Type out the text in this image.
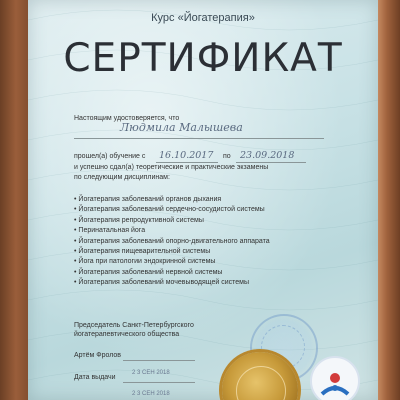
Курс «Йогатерапия»
СЕРТИФИКАТ
Настоящим удостоверяется, что
Людмила Малышева
прошел(а) обучение с 16.10.2017 по 23.09.2018
и успешно сдал(а) теоретические и практические экзамены
по следующим дисциплинам:
• Йогатерапия заболеваний органов дыхания
• Йогатерапия заболеваний сердечно-сосудистой системы
• Йогатерапия репродуктивной системы
• Перинатальная йога
• Йогатерапия заболеваний опорно-двигательного аппарата
• Йогатерапия пищеварительной системы
• Йога при патологии эндокринной системы
• Йогатерапия заболеваний нервной системы
• Йогатерапия заболеваний мочевыводящей системы
Председатель Санкт-Петербургского
йогатерапевтического общества
Артём Фролов
Дата выдачи
2 3 СЕН 2018
2 3 СЕН 2018
